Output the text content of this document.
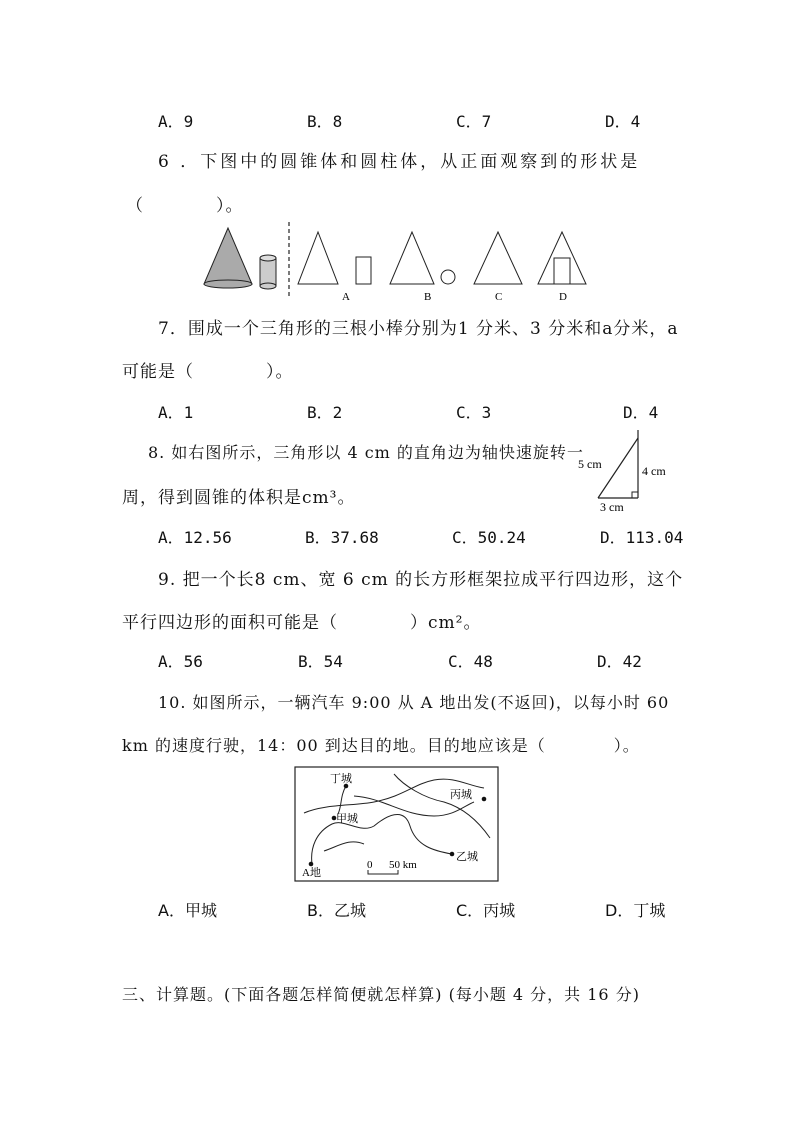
A．9	B．8	C．7	D．4
6 ．下图中的圆锥体和圆柱体，从正面观察到的形状是
（　　　　）。
A	B	C	D
7．围成一个三角形的三根小棒分别为1 分米、3 分米和a分米，a
可能是（　　　　）。
A．1	B．2	C．3	D．4
8. 如右图所示，三角形以 4 cm 的直角边为轴快速旋转一
周，得到圆锥的体积是cm³。
5 cm	4 cm
3 cm
A．12.56	B．37.68	C．50.24	D．113.04
9. 把一个长8 cm、宽 6 cm 的长方形框架拉成平行四边形，这个
平行四边形的面积可能是（　　　　）cm²。
A．56	B．54	C．48	D．42
10. 如图所示，一辆汽车 9:00 从 A 地出发(不返回)，以每小时 60
km 的速度行驶，14：00 到达目的地。目的地应该是（　　　　）。
丁城
丙城
甲城
乙城
A地
0 50 km
A．甲城	B．乙城	C．丙城	D．丁城
三、计算题。(下面各题怎样简便就怎样算) (每小题 4 分，共 16 分)
